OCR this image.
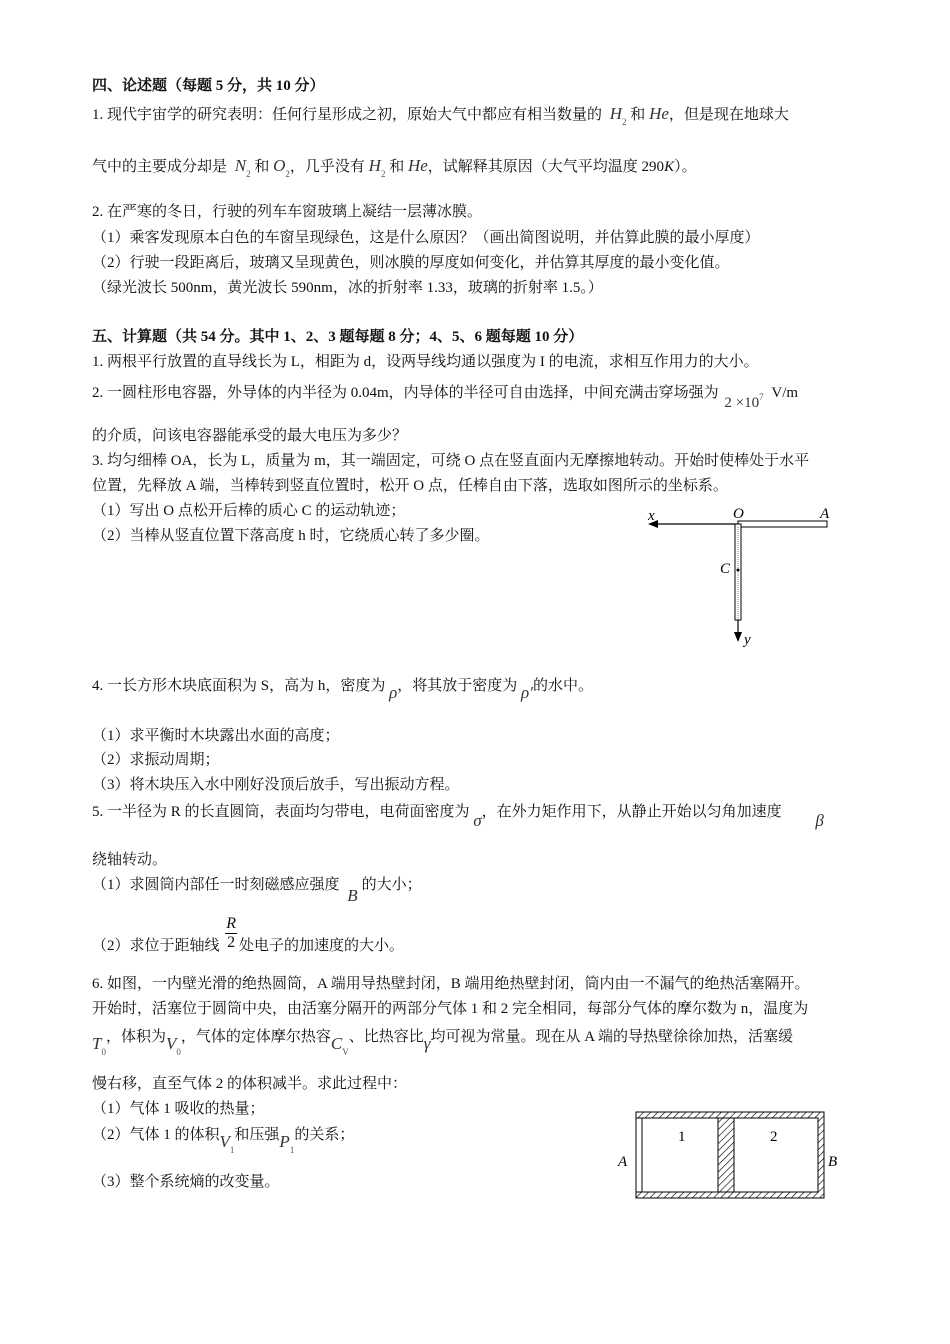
四、论述题（每题 5 分，共 10 分）
1. 现代宇宙学的研究表明：任何行星形成之初，原始大气中都应有相当数量的 $H_2$ 和 He，但是现在地球大
气中的主要成分却是 $N_2$ 和 $O_2$，几乎没有 $H_2$ 和 He，试解释其原因（大气平均温度 290K）。
2. 在严寒的冬日，行驶的列车车窗玻璃上凝结一层薄冰膜。
（1）乘客发现原本白色的车窗呈现绿色，这是什么原因？（画出简图说明，并估算此膜的最小厚度）
（2）行驶一段距离后，玻璃又呈现黄色，则冰膜的厚度如何变化，并估算其厚度的最小变化值。
（绿光波长 500nm，黄光波长 590nm，冰的折射率 1.33，玻璃的折射率 1.5。）
五、计算题（共 54 分。其中 1、2、3 题每题 8 分；4、5、6 题每题 10 分）
1. 两根平行放置的直导线长为 L，相距为 d，设两导线均通以强度为 I 的电流，求相互作用力的大小。
2. 一圆柱形电容器，外导体的内半径为 0.04m，内导体的半径可自由选择，中间充满击穿场强为 $2 \times 10^7$ V/m
的介质，问该电容器能承受的最大电压为多少？
3. 均匀细棒 OA，长为 L，质量为 m，其一端固定，可绕 O 点在竖直面内无摩擦地转动。开始时使棒处于水平
位置，先释放 A 端，当棒转到竖直位置时，松开 O 点，任棒自由下落，选取如图所示的坐标系。
（1）写出 O 点松开后棒的质心 C 的运动轨迹；
（2）当棒从竖直位置下落高度 h 时，它绕质心转了多少圈。
x	O	A
C
y
4. 一长方形木块底面积为 S，高为 h，密度为 ρ，将其放于密度为 ρ′的水中。
（1）求平衡时木块露出水面的高度；
（2）求振动周期；
（3）将木块压入水中刚好没顶后放手，写出振动方程。
5. 一半径为 R 的长直圆筒，表面均匀带电，电荷面密度为 σ，在外力矩作用下，从静止开始以匀角加速度 β
绕轴转动。
（1）求圆筒内部任一时刻磁感应强度 B的大小；
（2）求位于距轴线 $\frac{R}{2}$ 处电子的加速度的大小。
6. 如图，一内壁光滑的绝热圆筒，A 端用导热壁封闭，B 端用绝热壁封闭，筒内由一不漏气的绝热活塞隔开。
开始时，活塞位于圆筒中央，由活塞分隔开的两部分气体 1 和 2 完全相同，每部分气体的摩尔数为 n，温度为
$T_0$，体积为$V_0$，气体的定体摩尔热容$C_V$、比热容比γ均可视为常量。现在从 A 端的导热壁徐徐加热，活塞缓
慢右移，直至气体 2 的体积减半。求此过程中：
（1）气体 1 吸收的热量；
（2）气体 1 的体积$V_1$和压强$P_1$的关系；
（3）整个系统熵的改变量。
1	2
A	B
